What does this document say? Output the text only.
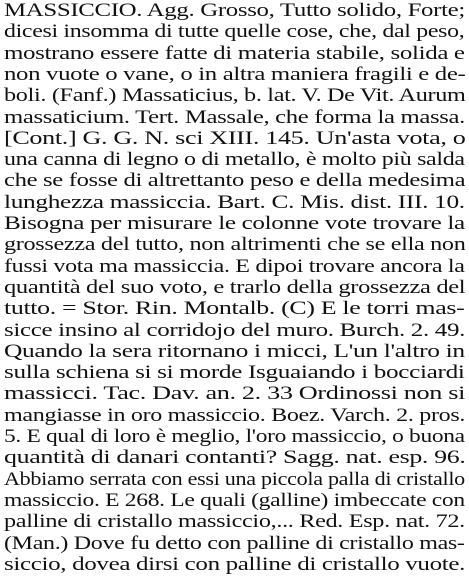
MASSICCIO. Agg. Grosso, Tutto solido, Forte;
dicesi insomma di tutte quelle cose, che, dal peso,
mostrano essere fatte di materia stabile, solida e
non vuote o vane, o in altra maniera fragili e de-
boli. (Fanf.) Massaticius, b. lat. V. De Vit. Aurum
massaticium. Tert. Massale, che forma la massa.
[Cont.] G. G. N. sci XIII. 145. Un'asta vota, o
una canna di legno o di metallo, è molto più salda
che se fosse di altrettanto peso e della medesima
lunghezza massiccia. Bart. C. Mis. dist. III. 10.
Bisogna per misurare le colonne vote trovare la
grossezza del tutto, non altrimenti che se ella non
fussi vota ma massiccia. E dipoi trovare ancora la
quantità del suo voto, e trarlo della grossezza del
tutto. = Stor. Rin. Montalb. (C) E le torri mas-
sicce insino al corridojo del muro. Burch. 2. 49.
Quando la sera ritornano i micci, L'un l'altro in
sulla schiena si si morde Isguaiando i bocciardi
massicci. Tac. Dav. an. 2. 33 Ordinossi non si
mangiasse in oro massiccio. Boez. Varch. 2. pros.
5. E qual di loro è meglio, l'oro massiccio, o buona
quantità di danari contanti? Sagg. nat. esp. 96.
Abbiamo serrata con essi una piccola palla di cristallo
massiccio. E 268. Le quali (galline) imbeccate con
palline di cristallo massiccio,... Red. Esp. nat. 72.
(Man.) Dove fu detto con palline di cristallo mas-
siccio, dovea dirsi con palline di cristallo vuote.
